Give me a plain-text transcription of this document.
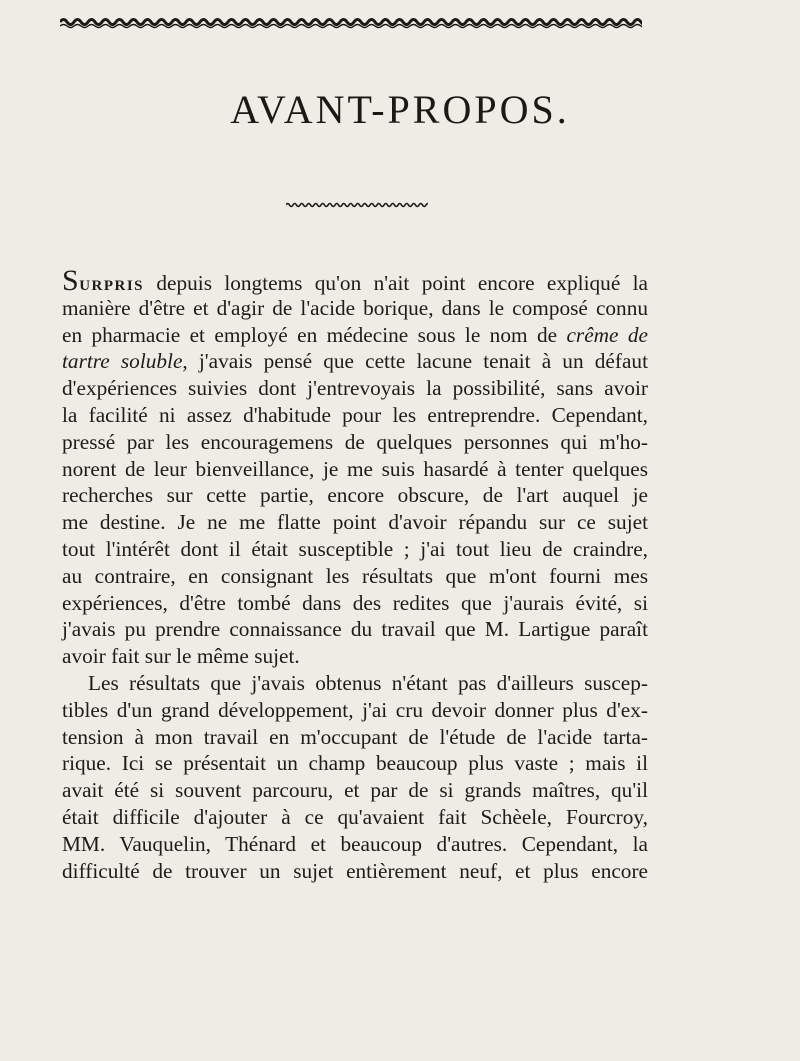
AVANT-PROPOS.

SURPRIS depuis longtems qu'on n'ait point encore expliqué la
manière d'être et d'agir de l'acide borique, dans le composé connu
en pharmacie et employé en médecine sous le nom de crême de
tartre soluble, j'avais pensé que cette lacune tenait à un défaut
d'expériences suivies dont j'entrevoyais la possibilité, sans avoir
la facilité ni assez d'habitude pour les entreprendre. Cependant,
pressé par les encouragemens de quelques personnes qui m'ho-
norent de leur bienveillance, je me suis hasardé à tenter quelques
recherches sur cette partie, encore obscure, de l'art auquel je
me destine. Je ne me flatte point d'avoir répandu sur ce sujet
tout l'intérêt dont il était susceptible ; j'ai tout lieu de craindre,
au contraire, en consignant les résultats que m'ont fourni mes
expériences, d'être tombé dans des redites que j'aurais évité, si
j'avais pu prendre connaissance du travail que M. Lartigue paraît
avoir fait sur le même sujet.

Les résultats que j'avais obtenus n'étant pas d'ailleurs suscep-
tibles d'un grand développement, j'ai cru devoir donner plus d'ex-
tension à mon travail en m'occupant de l'étude de l'acide tarta-
rique. Ici se présentait un champ beaucoup plus vaste ; mais il
avait été si souvent parcouru, et par de si grands maîtres, qu'il
était difficile d'ajouter à ce qu'avaient fait Schèele, Fourcroy,
MM. Vauquelin, Thénard et beaucoup d'autres. Cependant, la
difficulté de trouver un sujet entièrement neuf, et plus encore
